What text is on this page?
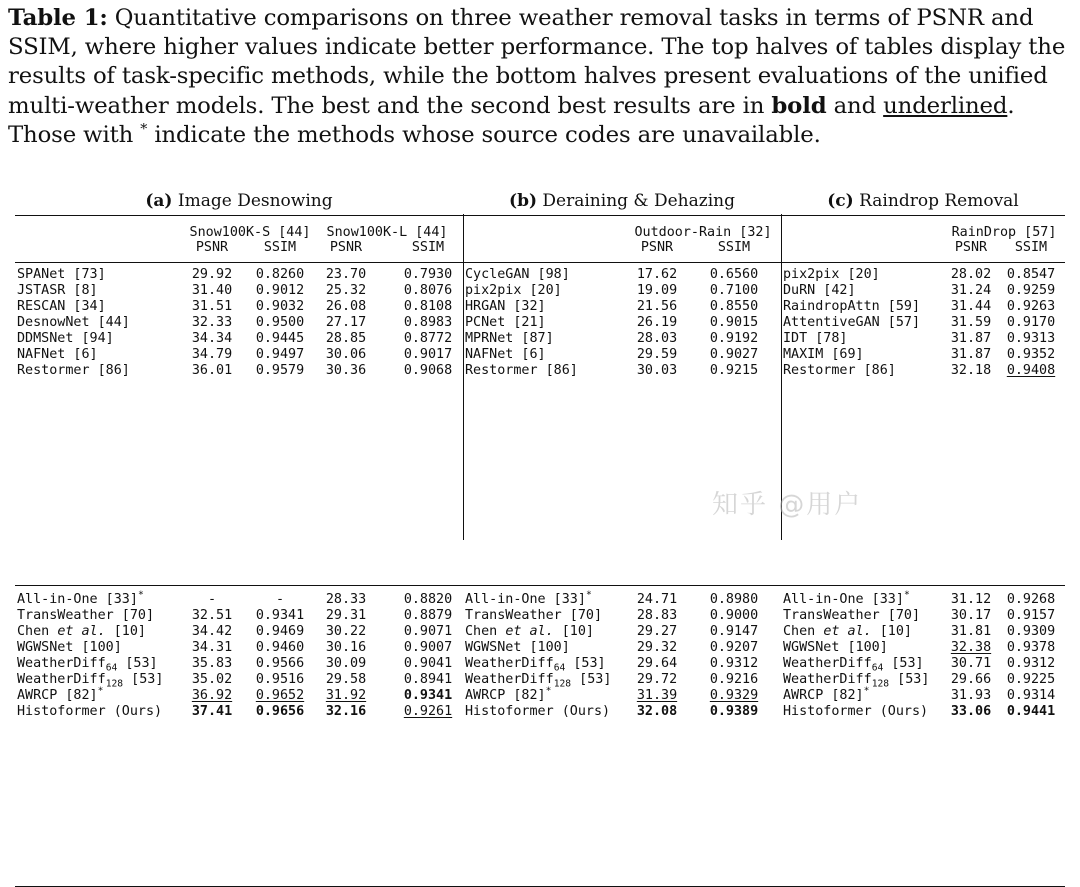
Table 1: Quantitative comparisons on three weather removal tasks in terms of PSNR and SSIM, where higher values indicate better performance. The top halves of tables display the results of task-specific methods, while the bottom halves present evaluations of the unified multi-weather models. The best and the second best results are in bold and underlined. Those with * indicate the methods whose source codes are unavailable.
(a) Image Desnowing
Snow100K-S [44]	Snow100K-L [44]
PSNR	SSIM	PSNR	SSIM
SPANet [73]	29.92	0.8260	23.70	0.7930
JSTASR [8]	31.40	0.9012	25.32	0.8076
RESCAN [34]	31.51	0.9032	26.08	0.8108
DesnowNet [44]	32.33	0.9500	27.17	0.8983
DDMSNet [94]	34.34	0.9445	28.85	0.8772
NAFNet [6]	34.79	0.9497	30.06	0.9017
Restormer [86]	36.01	0.9579	30.36	0.9068
All-in-One [33]*	-	-	28.33	0.8820
TransWeather [70]	32.51	0.9341	29.31	0.8879
Chen et al. [10]	34.42	0.9469	30.22	0.9071
WGWSNet [100]	34.31	0.9460	30.16	0.9007
WeatherDiff$_{64}$ [53]	35.83	0.9566	30.09	0.9041
WeatherDiff$_{128}$ [53]	35.02	0.9516	29.58	0.8941
AWRCP [82]*	36.92	0.9652	31.92	0.9341
Histoformer (Ours)	37.41	0.9656	32.16	0.9261
(b) Deraining & Dehazing
Outdoor-Rain [32]
PSNR	SSIM
CycleGAN [98]	17.62	0.6560
pix2pix [20]	19.09	0.7100
HRGAN [32]	21.56	0.8550
PCNet [21]	26.19	0.9015
MPRNet [87]	28.03	0.9192
NAFNet [6]	29.59	0.9027
Restormer [86]	30.03	0.9215
All-in-One [33]*	24.71	0.8980
TransWeather [70]	28.83	0.9000
Chen et al. [10]	29.27	0.9147
WGWSNet [100]	29.32	0.9207
WeatherDiff$_{64}$ [53]	29.64	0.9312
WeatherDiff$_{128}$ [53]	29.72	0.9216
AWRCP [82]*	31.39	0.9329
Histoformer (Ours)	32.08	0.9389
(c) Raindrop Removal
RainDrop [57]
PSNR	SSIM
pix2pix [20]	28.02	0.8547
DuRN [42]	31.24	0.9259
RaindropAttn [59]	31.44	0.9263
AttentiveGAN [57]	31.59	0.9170
IDT [78]	31.87	0.9313
MAXIM [69]	31.87	0.9352
Restormer [86]	32.18	0.9408
All-in-One [33]*	31.12	0.9268
TransWeather [70]	30.17	0.9157
Chen et al. [10]	31.81	0.9309
WGWSNet [100]	32.38	0.9378
WeatherDiff$_{64}$ [53]	30.71	0.9312
WeatherDiff$_{128}$ [53]	29.66	0.9225
AWRCP [82]*	31.93	0.9314
Histoformer (Ours)	33.06	0.9441
知乎 @用户
